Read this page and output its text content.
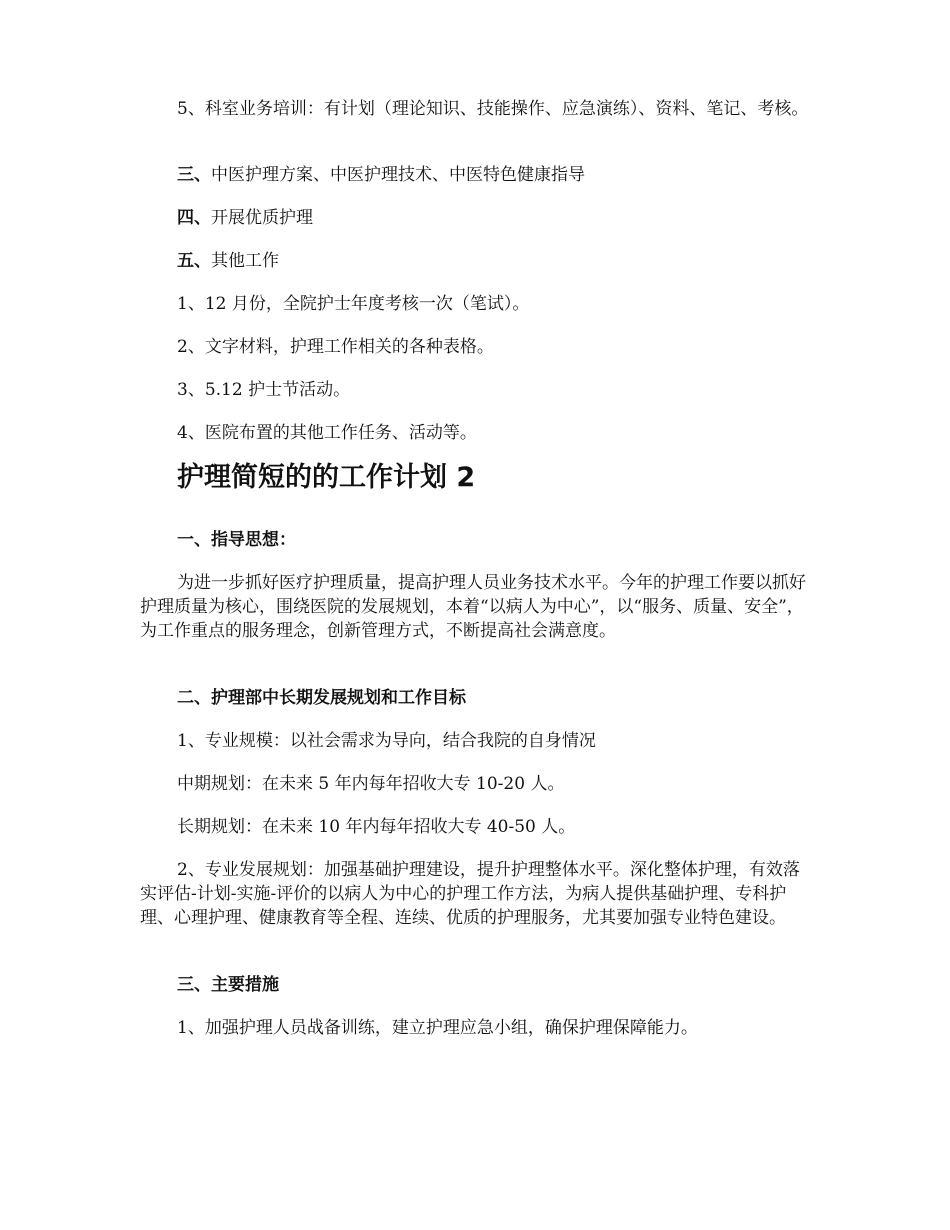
5、科室业务培训：有计划（理论知识、技能操作、应急演练）、资料、笔记、考核。

三、中医护理方案、中医护理技术、中医特色健康指导

四、开展优质护理

五、其他工作

1、12 月份，全院护士年度考核一次（笔试）。

2、文字材料，护理工作相关的各种表格。

3、5.12 护士节活动。

4、医院布置的其他工作任务、活动等。

护理简短的的工作计划 2

一、指导思想：

为进一步抓好医疗护理质量，提高护理人员业务技术水平。今年的护理工作要以抓好护理质量为核心，围绕医院的发展规划，本着“以病人为中心”，以“服务、质量、安全”，为工作重点的服务理念，创新管理方式，不断提高社会满意度。

二、护理部中长期发展规划和工作目标

1、专业规模：以社会需求为导向，结合我院的自身情况

中期规划：在未来 5 年内每年招收大专 10-20 人。

长期规划：在未来 10 年内每年招收大专 40-50 人。

2、专业发展规划：加强基础护理建设，提升护理整体水平。深化整体护理，有效落实评估-计划-实施-评价的以病人为中心的护理工作方法，为病人提供基础护理、专科护理、心理护理、健康教育等全程、连续、优质的护理服务，尤其要加强专业特色建设。

三、主要措施

1、加强护理人员战备训练，建立护理应急小组，确保护理保障能力。
